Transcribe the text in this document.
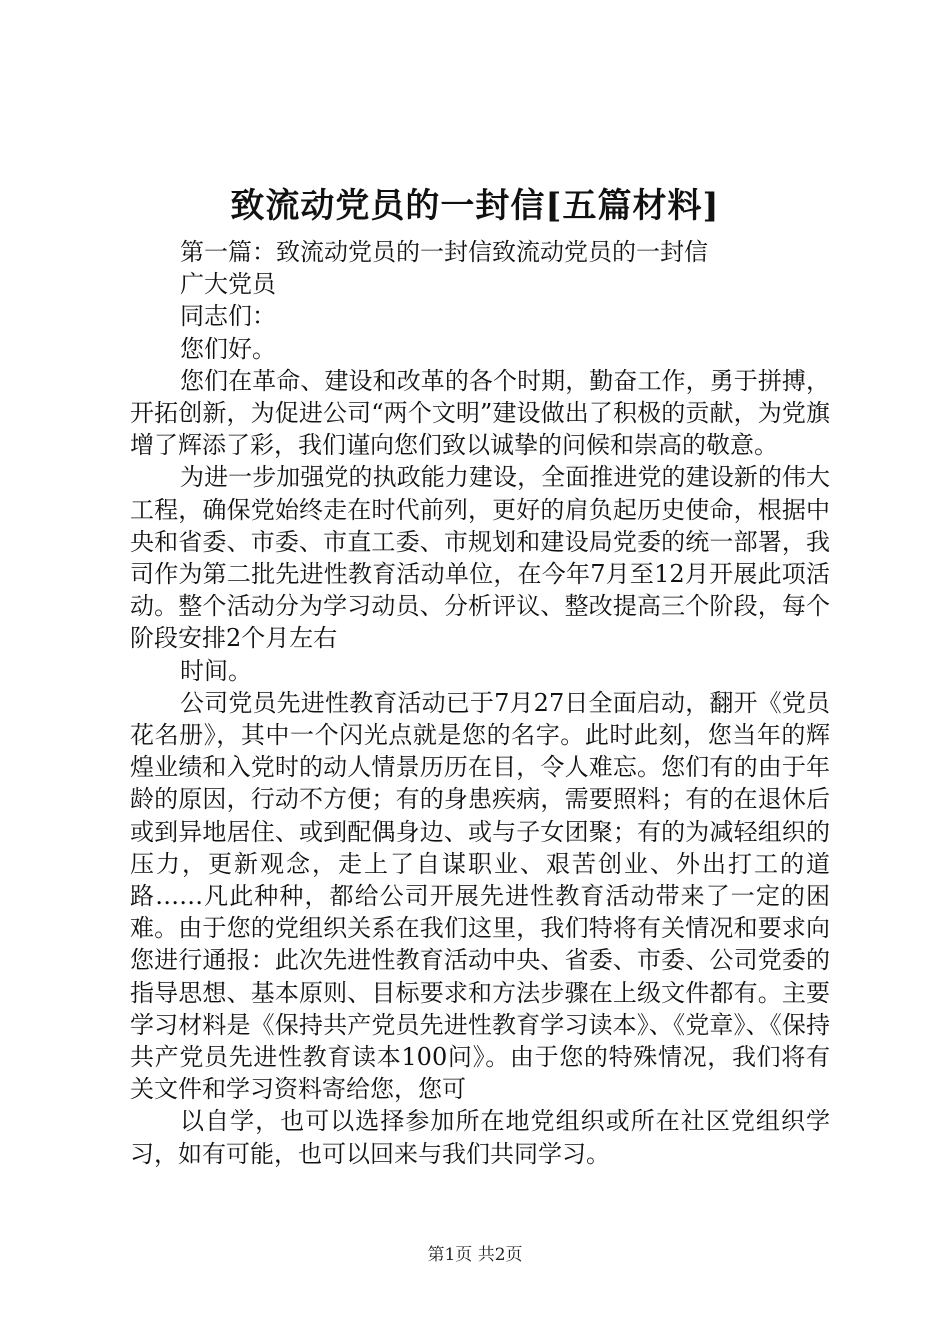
致流动党员的一封信[五篇材料]

第一篇：致流动党员的一封信致流动党员的一封信

广大党员

同志们：

您们好。

您们在革命、建设和改革的各个时期，勤奋工作，勇于拼搏，开拓创新，为促进公司“两个文明”建设做出了积极的贡献，为党旗增了辉添了彩，我们谨向您们致以诚挚的问候和崇高的敬意。

为进一步加强党的执政能力建设，全面推进党的建设新的伟大工程，确保党始终走在时代前列，更好的肩负起历史使命，根据中央和省委、市委、市直工委、市规划和建设局党委的统一部署，我司作为第二批先进性教育活动单位，在今年7月至12月开展此项活动。整个活动分为学习动员、分析评议、整改提高三个阶段，每个阶段安排2个月左右

时间。

公司党员先进性教育活动已于7月27日全面启动，翻开《党员花名册》，其中一个闪光点就是您的名字。此时此刻，您当年的辉煌业绩和入党时的动人情景历历在目，令人难忘。您们有的由于年龄的原因，行动不方便；有的身患疾病，需要照料；有的在退休后或到异地居住、或到配偶身边、或与子女团聚；有的为减轻组织的压力，更新观念，走上了自谋职业、艰苦创业、外出打工的道路……凡此种种，都给公司开展先进性教育活动带来了一定的困难。由于您的党组织关系在我们这里，我们特将有关情况和要求向您进行通报：此次先进性教育活动中央、省委、市委、公司党委的指导思想、基本原则、目标要求和方法步骤在上级文件都有。主要学习材料是《保持共产党员先进性教育学习读本》、《党章》、《保持共产党员先进性教育读本100问》。由于您的特殊情况，我们将有关文件和学习资料寄给您，您可

以自学，也可以选择参加所在地党组织或所在社区党组织学习，如有可能，也可以回来与我们共同学习。

第1页 共2页
